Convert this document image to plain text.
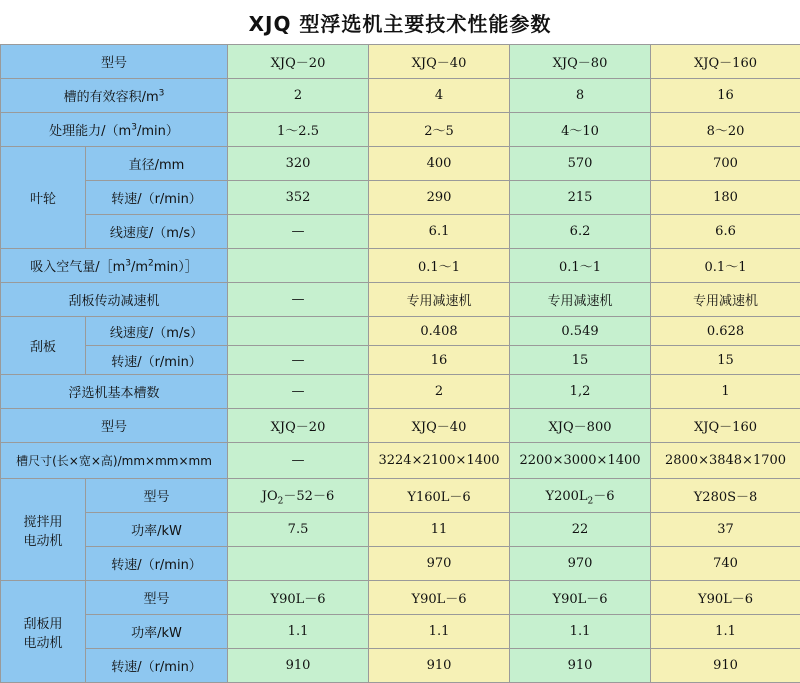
XJQ 型浮选机主要技术性能参数
型号		XJQ－20	XJQ－40	XJQ－80	XJQ－160
槽的有效容积$/m^3$		2	4	8	16
处理能力$/(m^3/\min)$		1～2.5	2～5	4～10	8～20
叶轮	直径/mm	320	400	570	700
	转速/（r/min）	352	290	215	180
	线速度/（m/s）	—	6.1	6.2	6.6
吸入空气量$/[m^3/m^2\min)]$			0.1～1	0.1～1	0.1～1
刮板传动减速机		—	专用减速机	专用减速机	专用减速机
刮板	线速度/（m/s）		0.408	0.549	0.628
	转速/（r/min）	—	16	15	15
浮选机基本槽数		—	2	1,2	1
型号		XJQ－20	XJQ－40	XJQ－800	XJQ－160
槽尺寸(长×宽×高)/mm×mm×mm		—	3224×2100×1400	2200×3000×1400	2800×3848×1700
搅拌用
电动机	型号	$JO_2-52-6$	Y160L－6	$Y200L_2-6$	Y280S－8
	功率/kW	7.5	11	22	37
	转速/（r/min）		970	970	740
刮板用
电动机	型号	Y90L－6	Y90L－6	Y90L－6	Y90L－6
	功率/kW	1.1	1.1	1.1	1.1
	转速/（r/min）	910	910	910	910
